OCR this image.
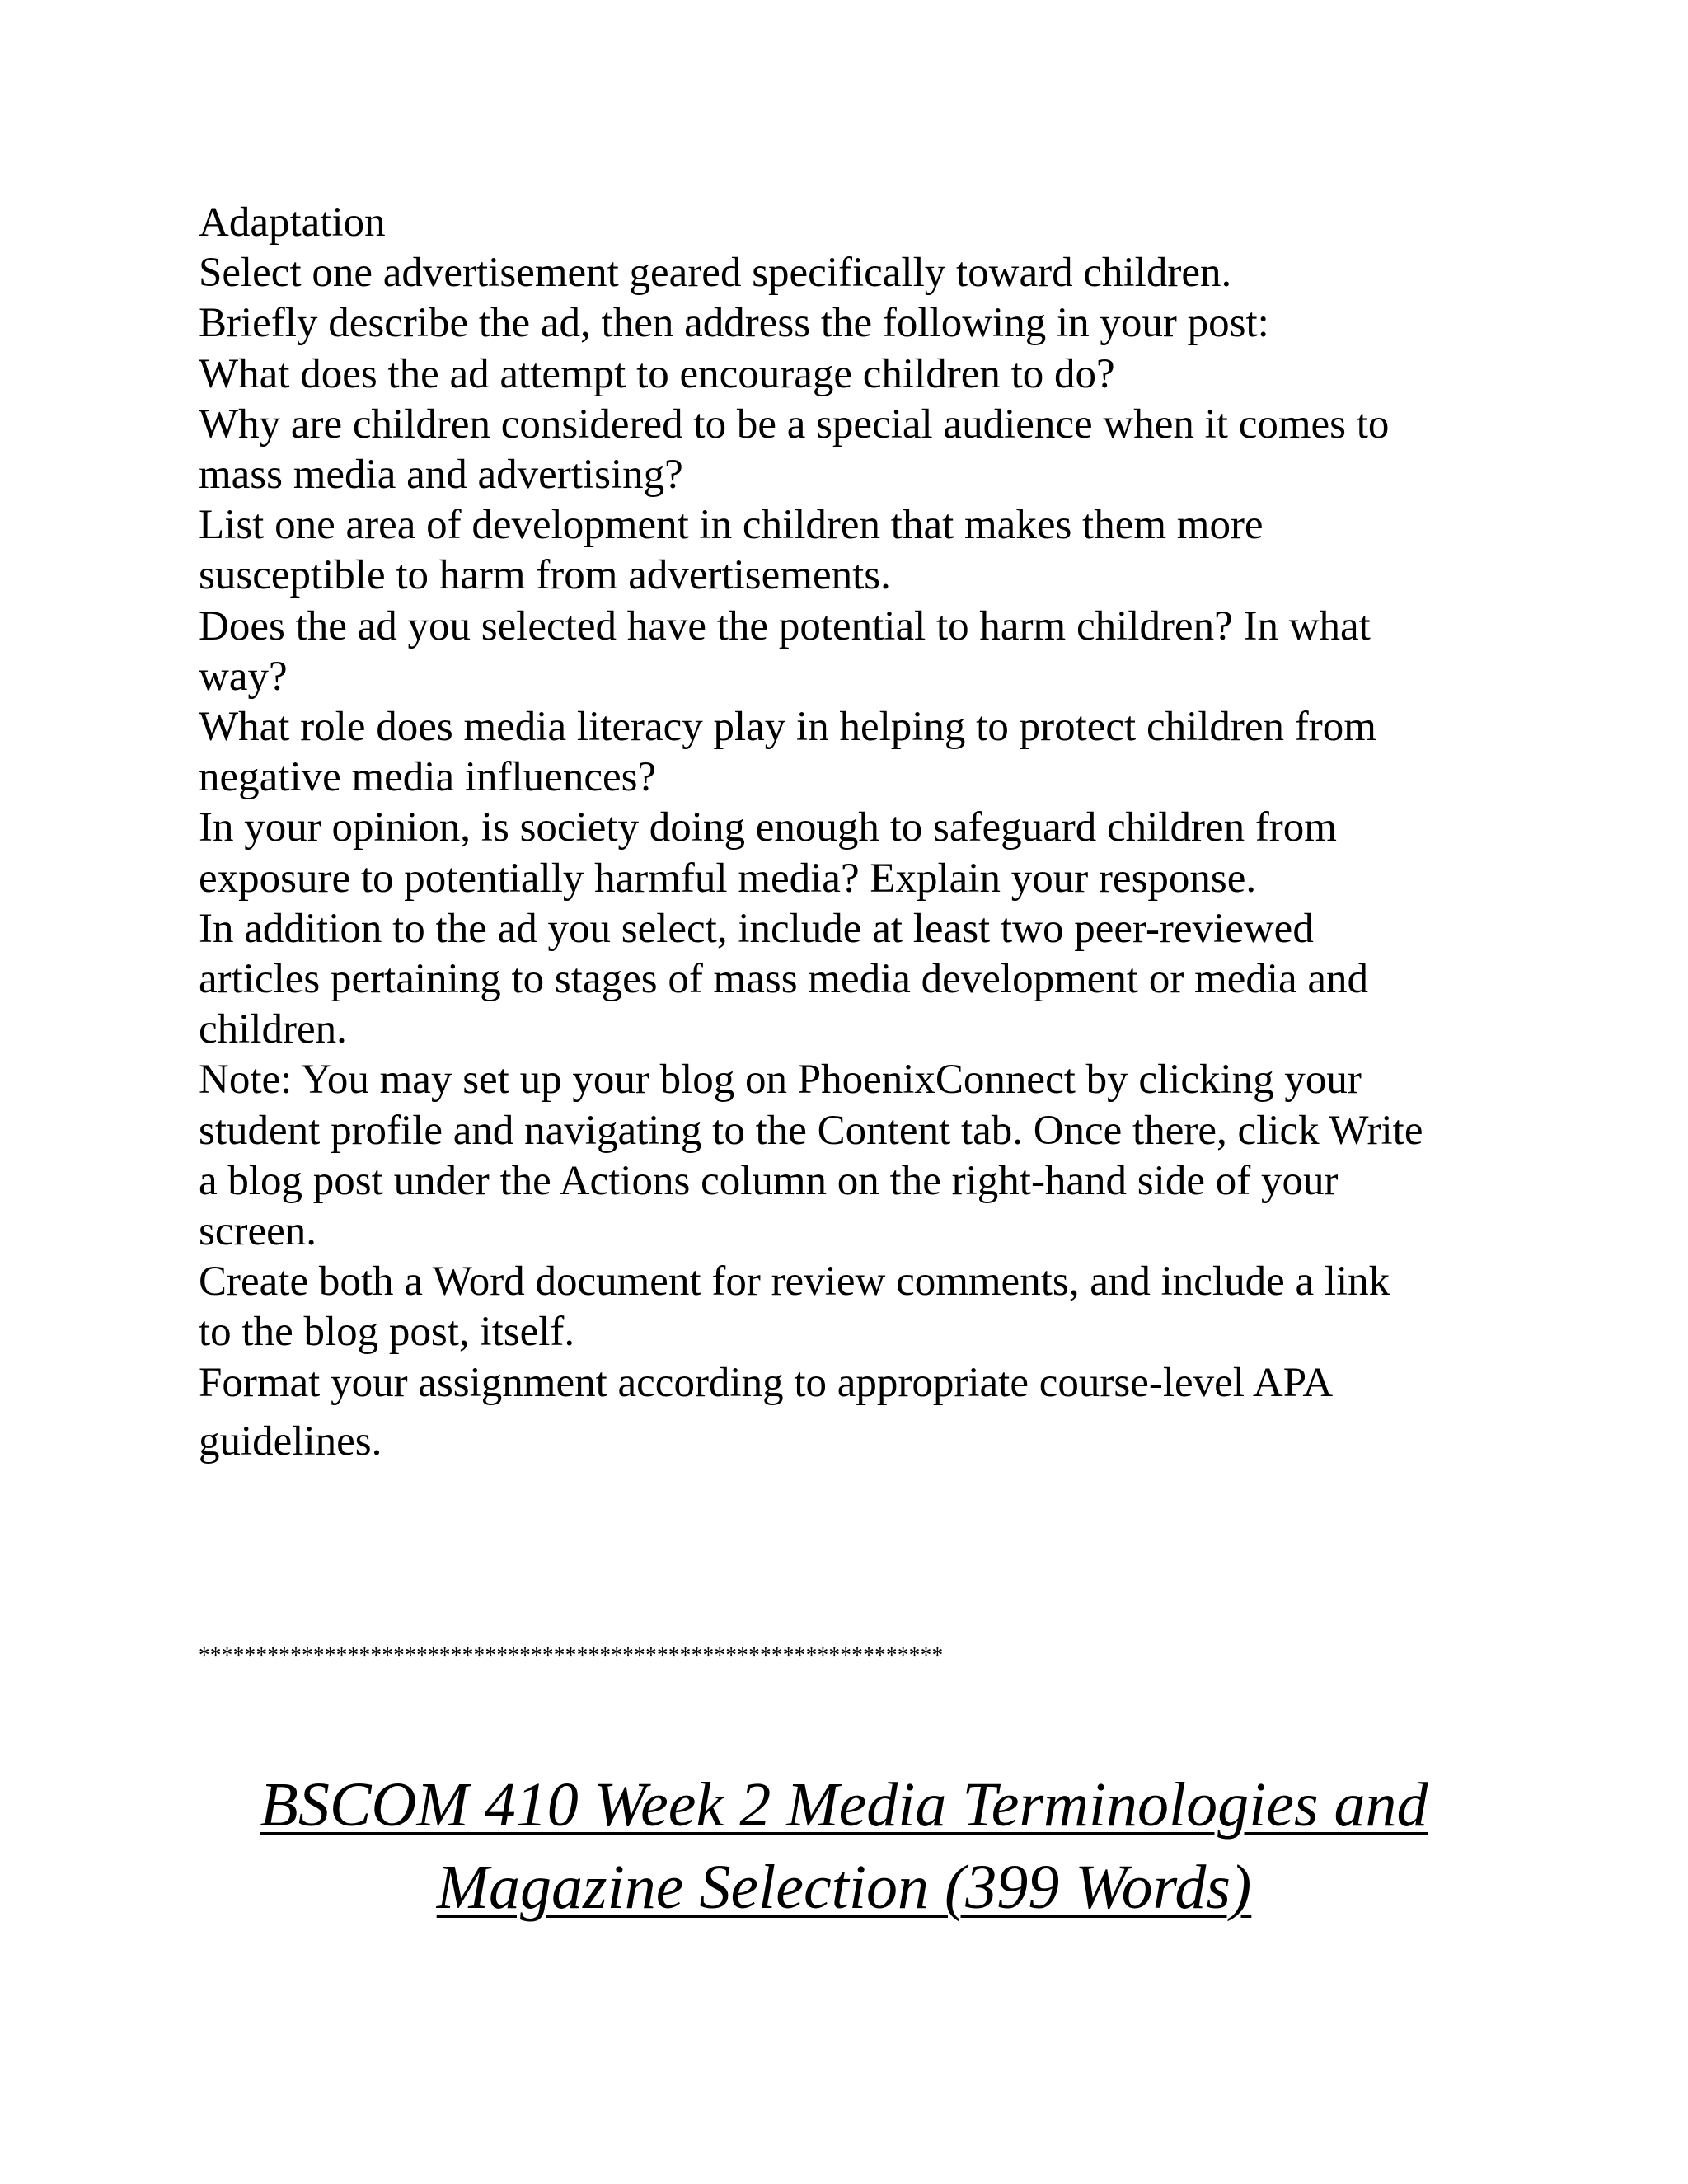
Adaptation
Select one advertisement geared specifically toward children.
Briefly describe the ad, then address the following in your post:
What does the ad attempt to encourage children to do?
Why are children considered to be a special audience when it comes to
mass media and advertising?
List one area of development in children that makes them more
susceptible to harm from advertisements.
Does the ad you selected have the potential to harm children? In what
way?
What role does media literacy play in helping to protect children from
negative media influences?
In your opinion, is society doing enough to safeguard children from
exposure to potentially harmful media? Explain your response.
In addition to the ad you select, include at least two peer-reviewed
articles pertaining to stages of mass media development or media and
children.
Note: You may set up your blog on PhoenixConnect by clicking your
student profile and navigating to the Content tab. Once there, click Write
a blog post under the Actions column on the right-hand side of your
screen.
Create both a Word document for review comments, and include a link
to the blog post, itself.
Format your assignment according to appropriate course-level APA
guidelines.
*****************************************************************
BSCOM 410 Week 2 Media Terminologies and
Magazine Selection (399 Words)
